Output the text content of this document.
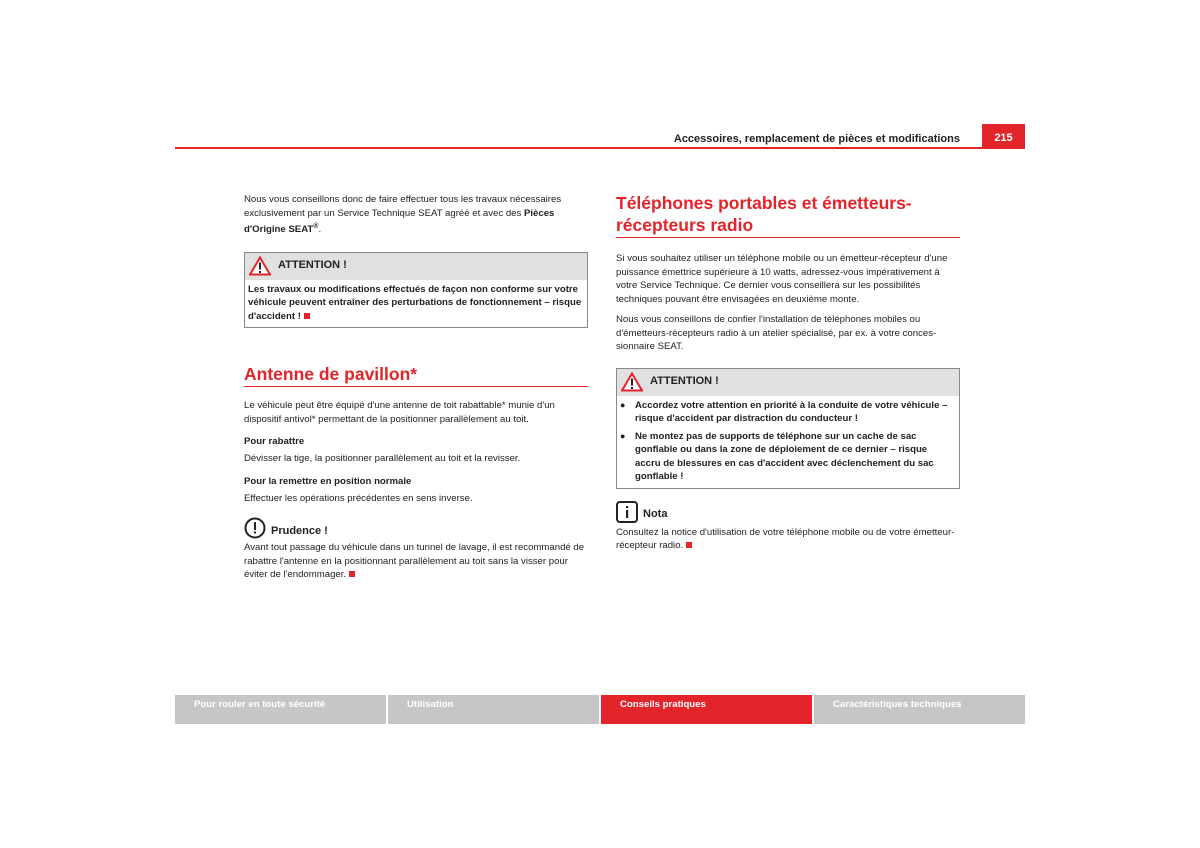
Accessoires, remplacement de pièces et modifications	215

Nous vous conseillons donc de faire effectuer tous les travaux nécessaires exclusivement par un Service Technique SEAT agréé et avec des Pièces d'Origine SEAT®.

ATTENTION !
Les travaux ou modifications effectués de façon non conforme sur votre véhicule peuvent entraîner des perturbations de fonctionnement – risque d'accident !
Antenne de pavillon*

Le véhicule peut être équipé d'une antenne de toit rabattable* munie d'un dispositif antivol* permettant de la positionner parallèlement au toit.

Pour rabattre

Dévisser la tige, la positionner parallèlement au toit et la revisser.

Pour la remettre en position normale

Effectuer les opérations précédentes en sens inverse.

Prudence !

Avant tout passage du véhicule dans un tunnel de lavage, il est recommandé de rabattre l'antenne en la positionnant parallèlement au toit sans la visser pour éviter de l'endommager.

Téléphones portables et émetteurs-récepteurs radio

Si vous souhaitez utiliser un téléphone mobile ou un émetteur-récepteur d'une puissance émettrice supérieure à 10 watts, adressez-vous impérativement à votre Service Technique. Ce dernier vous conseillera sur les possibilités techniques pouvant être envisagées en deuxième monte.

Nous vous conseillons de confier l'installation de téléphones mobiles ou d'émetteurs-récepteurs radio à un atelier spécialisé, par ex. à votre concessionnaire SEAT.

ATTENTION !
● Accordez votre attention en priorité à la conduite de votre véhicule – risque d'accident par distraction du conducteur !
● Ne montez pas de supports de téléphone sur un cache de sac gonflable ou dans la zone de déploiement de ce dernier – risque accru de blessures en cas d'accident avec déclenchement du sac gonflable !
Nota

Consultez la notice d'utilisation de votre téléphone mobile ou de votre émetteur-récepteur radio.

Pour rouler en toute sécurité	Utilisation	Conseils pratiques	Caractéristiques techniques
